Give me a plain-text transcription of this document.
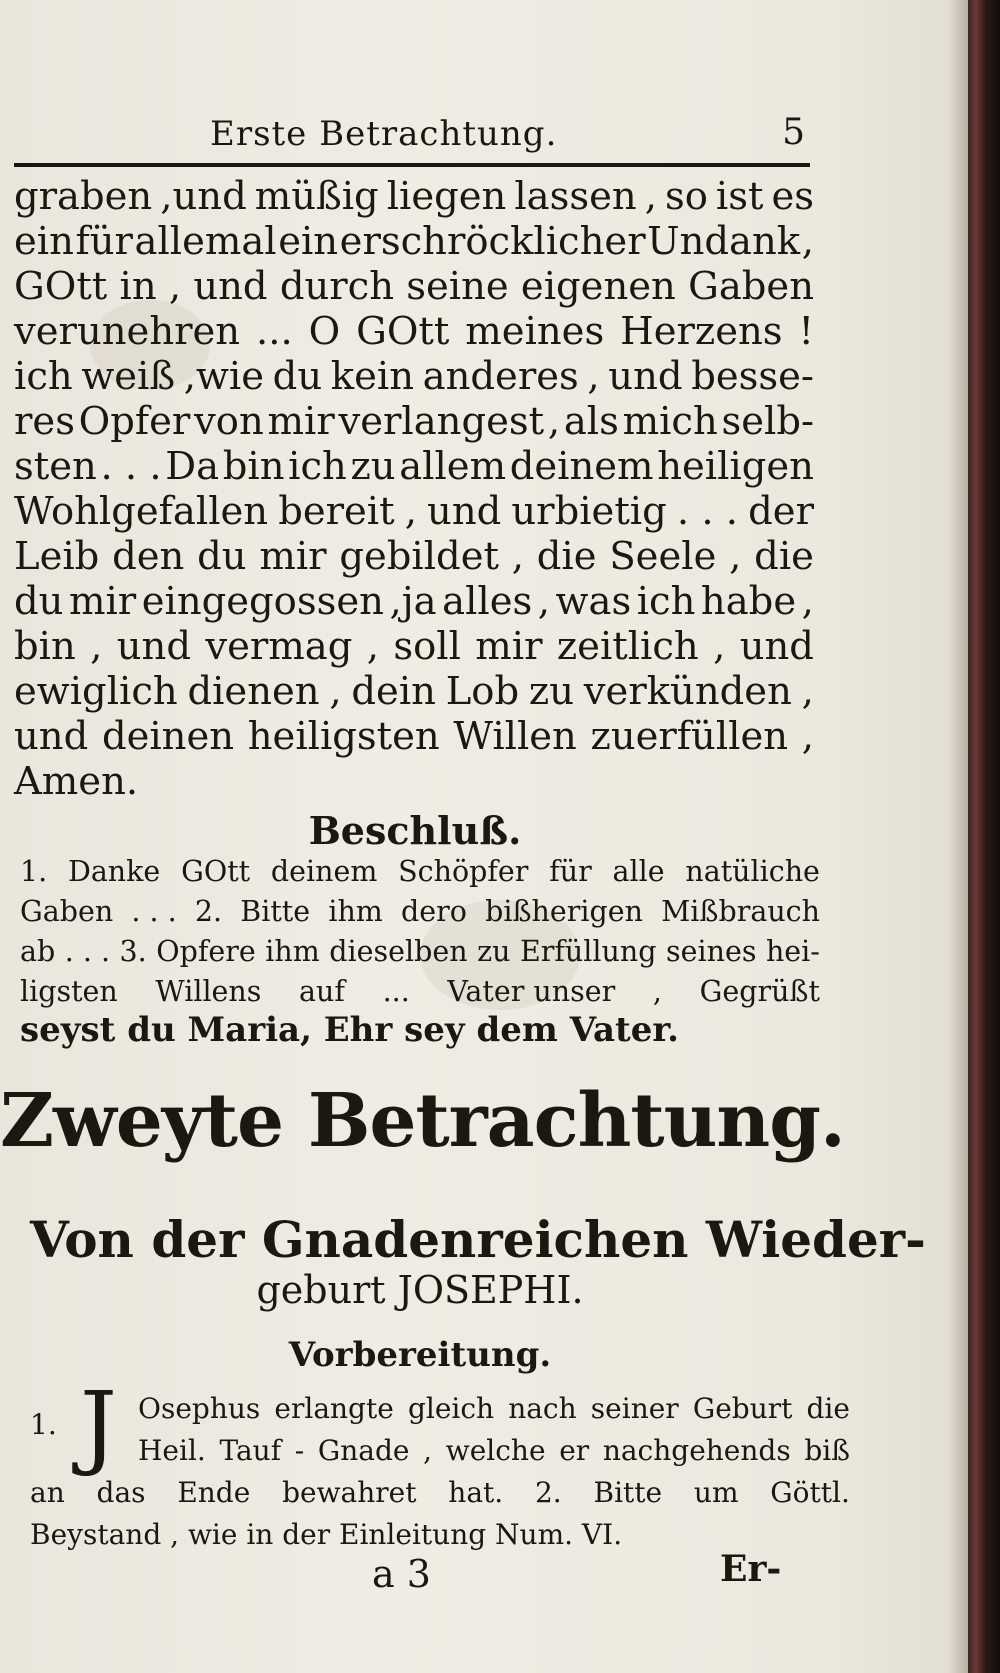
Erste Betrachtung.	5
graben ,und müßig liegen lassen , so ist es
ein für allemal ein erschröcklicher Undank ,
GOtt in , und durch seine eigenen Gaben
verunehren ... O GOtt meines Herzens !
ich weiß ,wie du kein anderes , und besse-
res Opfer von mir verlangest , als mich selb-
sten . . . Da bin ich zu allem deinem heiligen
Wohlgefallen bereit , und urbietig . . . der
Leib den du mir gebildet , die Seele , die
du mir eingegossen ,ja alles , was ich habe ,
bin , und vermag , soll mir zeitlich , und
ewiglich dienen , dein Lob zu verkünden ,
und deinen heiligsten Willen zuerfüllen ,
Amen.
Beschluß.
1. Danke GOtt deinem Schöpfer für alle natüliche
Gaben . . . 2. Bitte ihm dero bißherigen Mißbrauch
ab . . . 3. Opfere ihm dieselben zu Erfüllung seines hei-
ligsten Willens auf ... Vater unser , Gegrüßt
seyst du Maria, Ehr sey dem Vater.
Zweyte Betrachtung.
Von der Gnadenreichen Wieder-
geburt JOSEPHI.
Vorbereitung.
1. J Osephus erlangte gleich nach seiner Geburt die
Heil. Tauf - Gnade , welche er nachgehends biß
an das Ende bewahret hat. 2. Bitte um Göttl.
Beystand , wie in der Einleitung Num. VI.
a 3	Er-
